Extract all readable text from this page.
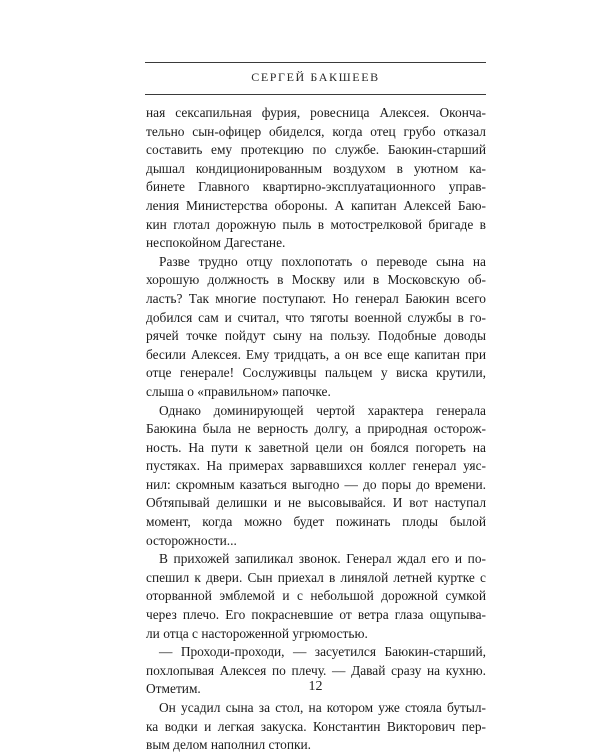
СЕРГЕЙ БАКШЕЕВ
ная сексапильная фурия, ровесница Алексея. Оконча-
тельно сын-офицер обиделся, когда отец грубо отказал
составить ему протекцию по службе. Баюкин-старший
дышал кондиционированным воздухом в уютном ка-
бинете Главного квартирно-эксплуатационного управ-
ления Министерства обороны. А капитан Алексей Баю-
кин глотал дорожную пыль в мотострелковой бригаде в
неспокойном Дагестане.
Разве трудно отцу похлопотать о переводе сына на
хорошую должность в Москву или в Московскую об-
ласть? Так многие поступают. Но генерал Баюкин всего
добился сам и считал, что тяготы военной службы в го-
рячей точке пойдут сыну на пользу. Подобные доводы
бесили Алексея. Ему тридцать, а он все еще капитан при
отце генерале! Сослуживцы пальцем у виска крутили,
слыша о «правильном» папочке.
Однако доминирующей чертой характера генерала
Баюкина была не верность долгу, а природная осторож-
ность. На пути к заветной цели он боялся погореть на
пустяках. На примерах зарвавшихся коллег генерал уяс-
нил: скромным казаться выгодно — до поры до времени.
Обтяпывай делишки и не высовывайся. И вот наступал
момент, когда можно будет пожинать плоды былой
осторожности...
В прихожей запиликал звонок. Генерал ждал его и по-
спешил к двери. Сын приехал в линялой летней куртке с
оторванной эмблемой и с небольшой дорожной сумкой
через плечо. Его покрасневшие от ветра глаза ощупыва-
ли отца с настороженной угрюмостью.
— Проходи-проходи, — засуетился Баюкин-старший,
похлопывая Алексея по плечу. — Давай сразу на кухню.
Отметим.
Он усадил сына за стол, на котором уже стояла бутыл-
ка водки и легкая закуска. Константин Викторович пер-
вым делом наполнил стопки.
12
